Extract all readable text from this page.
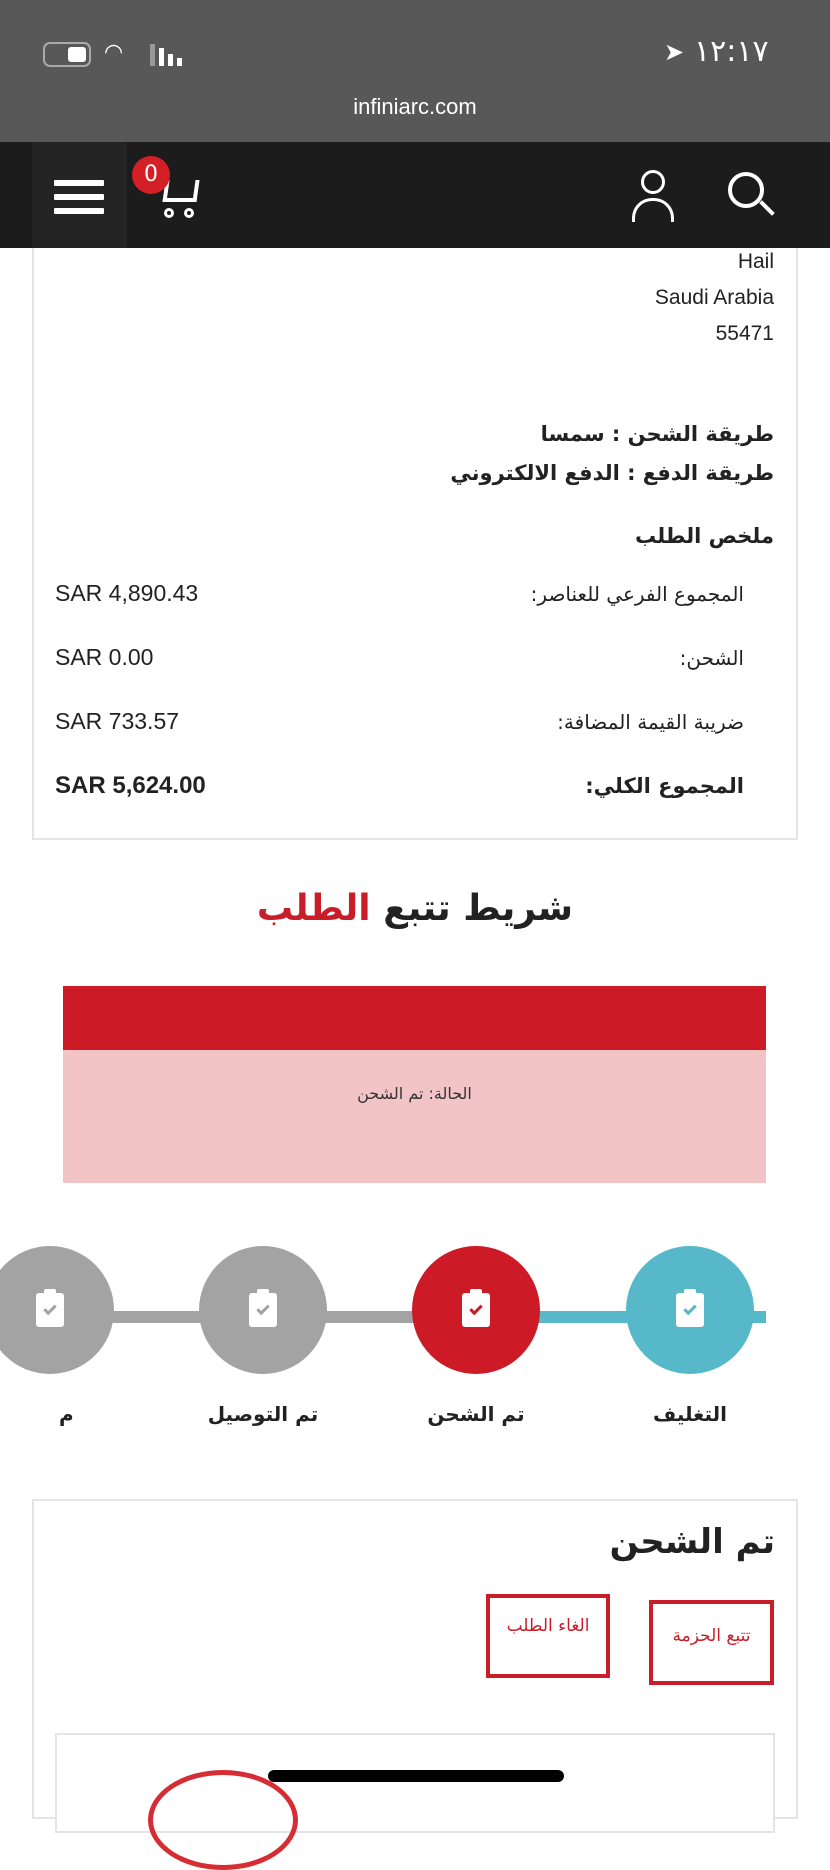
◠	➤ ١٢:١٧
infiniarc.com
0
Hail
Saudi Arabia
55471
طريقة الشحن : سمسا
طريقة الدفع : الدفع الالكتروني
ملخص الطلب
المجموع الفرعي للعناصر:
SAR 4,890.43
الشحن:
SAR 0.00
ضريبة القيمة المضافة:
SAR 733.57
المجموع الكلي:
SAR 5,624.00
شريط تتبع الطلب
الحالة: تم الشحن
التغليف
تم الشحن
تم التوصيل
م
تم الشحن
تتبع الحزمة
الغاء الطلب
